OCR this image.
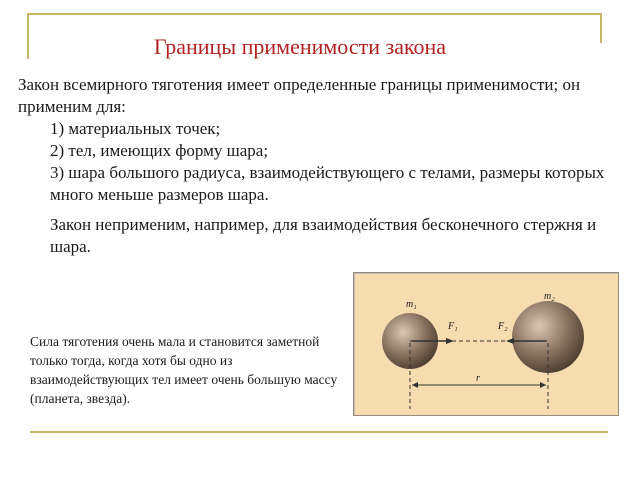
Границы применимости закона
Закон всемирного тяготения имеет определенные границы применимости; он применим для:
1) материальных точек;
2) тел, имеющих форму шара;
3) шара большого радиуса, взаимодействующего с телами, размеры которых много меньше размеров шара.
Закон неприменим, например, для взаимодействия бесконечного стержня и шара.
Сила тяготения очень мала и становится заметной только тогда, когда хотя бы одно из взаимодействующих тел имеет очень большую массу (планета, звезда).
m₁
m₂
F₁	F₂
r
